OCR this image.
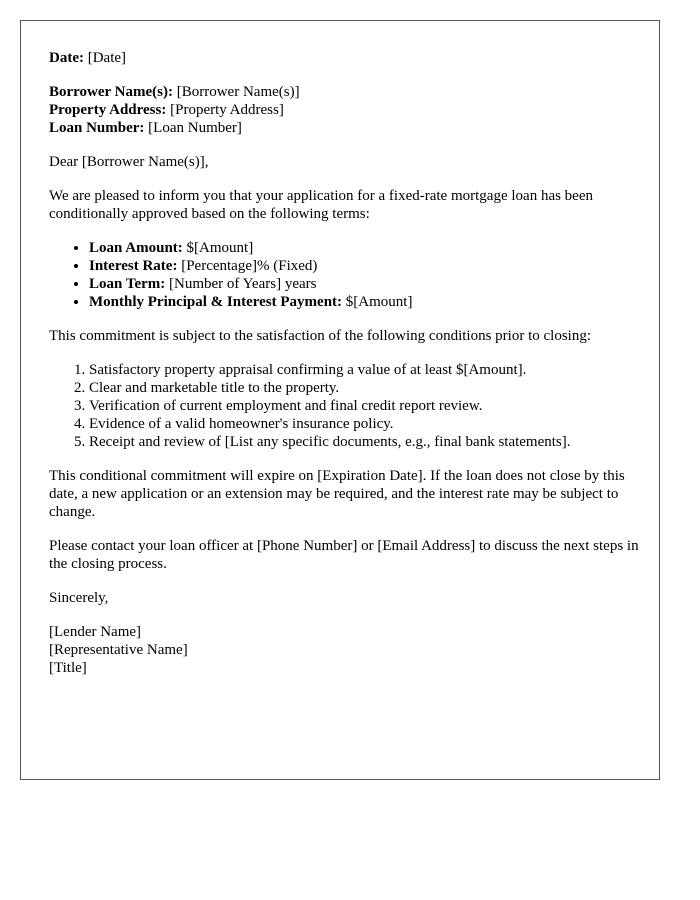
Date: [Date]

Borrower Name(s): [Borrower Name(s)]
Property Address: [Property Address]
Loan Number: [Loan Number]

Dear [Borrower Name(s)],

We are pleased to inform you that your application for a fixed-rate mortgage loan has been conditionally approved based on the following terms:

• Loan Amount: $[Amount]
• Interest Rate: [Percentage]% (Fixed)
• Loan Term: [Number of Years] years
• Monthly Principal & Interest Payment: $[Amount]

This commitment is subject to the satisfaction of the following conditions prior to closing:

1. Satisfactory property appraisal confirming a value of at least $[Amount].
2. Clear and marketable title to the property.
3. Verification of current employment and final credit report review.
4. Evidence of a valid homeowner's insurance policy.
5. Receipt and review of [List any specific documents, e.g., final bank statements].

This conditional commitment will expire on [Expiration Date]. If the loan does not close by this date, a new application or an extension may be required, and the interest rate may be subject to change.

Please contact your loan officer at [Phone Number] or [Email Address] to discuss the next steps in the closing process.

Sincerely,

[Lender Name]
[Representative Name]
[Title]
